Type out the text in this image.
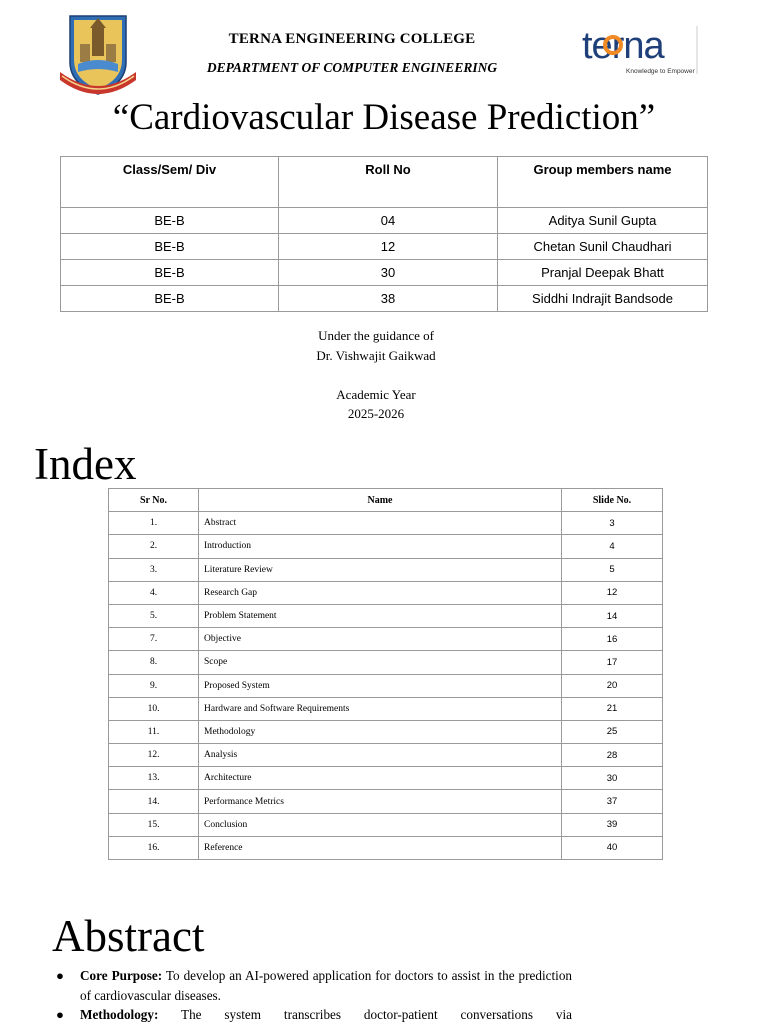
TERNA ENGINEERING COLLEGE
DEPARTMENT OF COMPUTER ENGINEERING
terna
Knowledge to Empower
“Cardiovascular Disease Prediction”
Class/Sem/ Div	Roll No	Group members name
BE-B	04	Aditya Sunil Gupta
BE-B	12	Chetan Sunil Chaudhari
BE-B	30	Pranjal Deepak Bhatt
BE-B	38	Siddhi Indrajit Bandsode
Under the guidance of
Dr. Vishwajit Gaikwad
Academic Year
2025-2026
Index
Sr No.	Name	Slide No.
1.	Abstract	3
2.	Introduction	4
3.	Literature Review	5
4.	Research Gap	12
5.	Problem Statement	14
7.	Objective	16
8.	Scope	17
9.	Proposed System	20
10.	Hardware and Software Requirements	21
11.	Methodology	25
12.	Analysis	28
13.	Architecture	30
14.	Performance Metrics	37
15.	Conclusion	39
16.	Reference	40
Abstract
● Core Purpose: To develop an AI-powered application for doctors to assist in the prediction of cardiovascular diseases.
● Methodology: The system transcribes doctor-patient conversations via
